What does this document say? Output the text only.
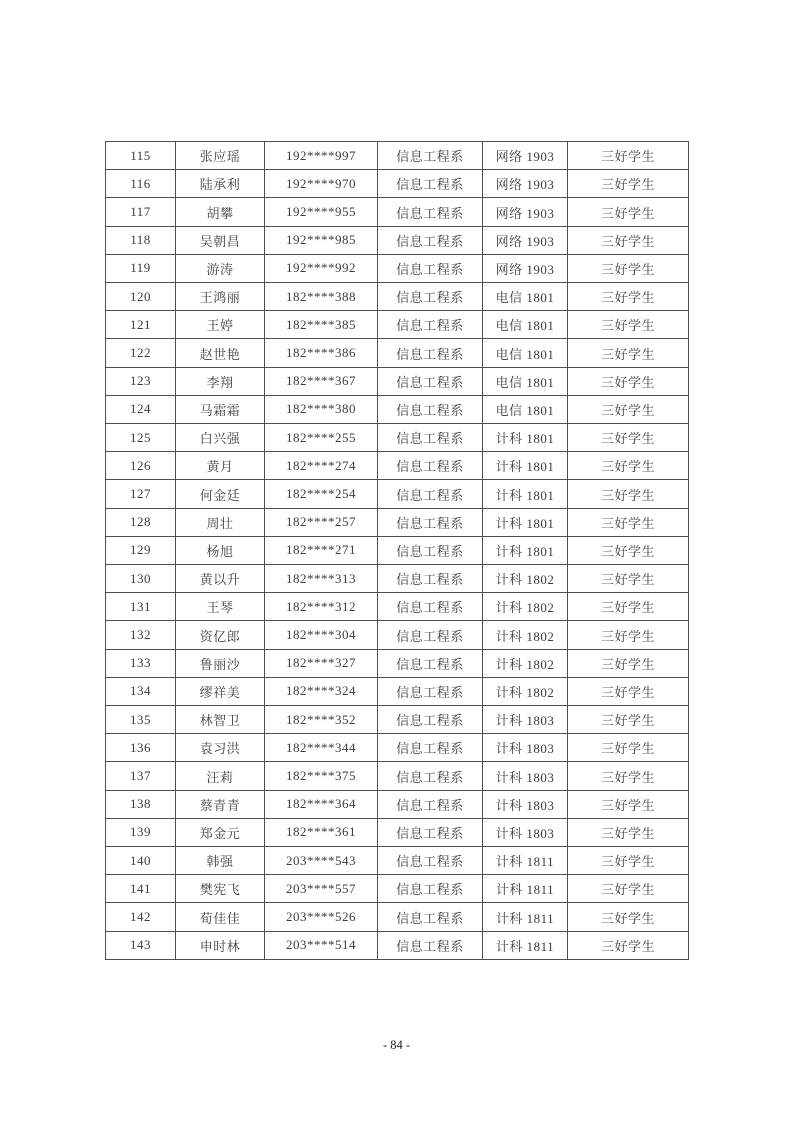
115	张应瑶	192****997	信息工程系	网络 1903	三好学生
116	陆承利	192****970	信息工程系	网络 1903	三好学生
117	胡攀	192****955	信息工程系	网络 1903	三好学生
118	吴朝昌	192****985	信息工程系	网络 1903	三好学生
119	游涛	192****992	信息工程系	网络 1903	三好学生
120	王鸿丽	182****388	信息工程系	电信 1801	三好学生
121	王婷	182****385	信息工程系	电信 1801	三好学生
122	赵世艳	182****386	信息工程系	电信 1801	三好学生
123	李翔	182****367	信息工程系	电信 1801	三好学生
124	马霜霜	182****380	信息工程系	电信 1801	三好学生
125	白兴强	182****255	信息工程系	计科 1801	三好学生
126	黄月	182****274	信息工程系	计科 1801	三好学生
127	何金廷	182****254	信息工程系	计科 1801	三好学生
128	周壮	182****257	信息工程系	计科 1801	三好学生
129	杨旭	182****271	信息工程系	计科 1801	三好学生
130	黄以升	182****313	信息工程系	计科 1802	三好学生
131	王琴	182****312	信息工程系	计科 1802	三好学生
132	资亿郎	182****304	信息工程系	计科 1802	三好学生
133	鲁丽沙	182****327	信息工程系	计科 1802	三好学生
134	缪祥美	182****324	信息工程系	计科 1802	三好学生
135	林智卫	182****352	信息工程系	计科 1803	三好学生
136	袁习洪	182****344	信息工程系	计科 1803	三好学生
137	汪莉	182****375	信息工程系	计科 1803	三好学生
138	蔡青青	182****364	信息工程系	计科 1803	三好学生
139	郑金元	182****361	信息工程系	计科 1803	三好学生
140	韩强	203****543	信息工程系	计科 1811	三好学生
141	樊宪飞	203****557	信息工程系	计科 1811	三好学生
142	荀佳佳	203****526	信息工程系	计科 1811	三好学生
143	申时林	203****514	信息工程系	计科 1811	三好学生
- 84 -
